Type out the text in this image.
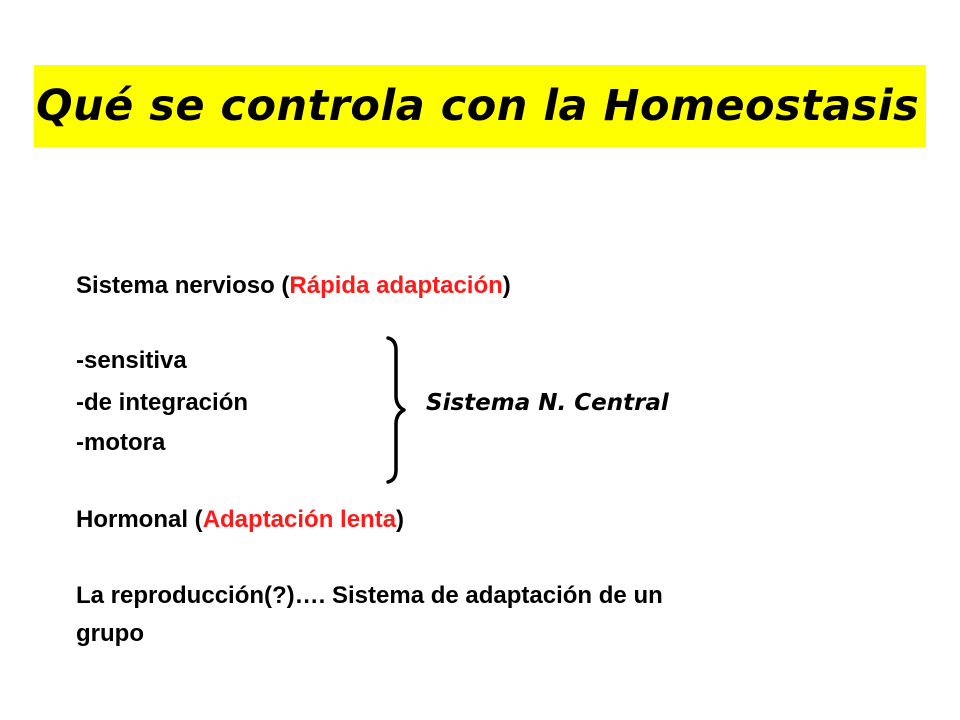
Qué se controla con la Homeostasis
Sistema nervioso (Rápida adaptación)
-sensitiva
-de integración
-motora
Sistema N. Central
Hormonal (Adaptación lenta)
La reproducción(?)…. Sistema de adaptación de un
grupo
